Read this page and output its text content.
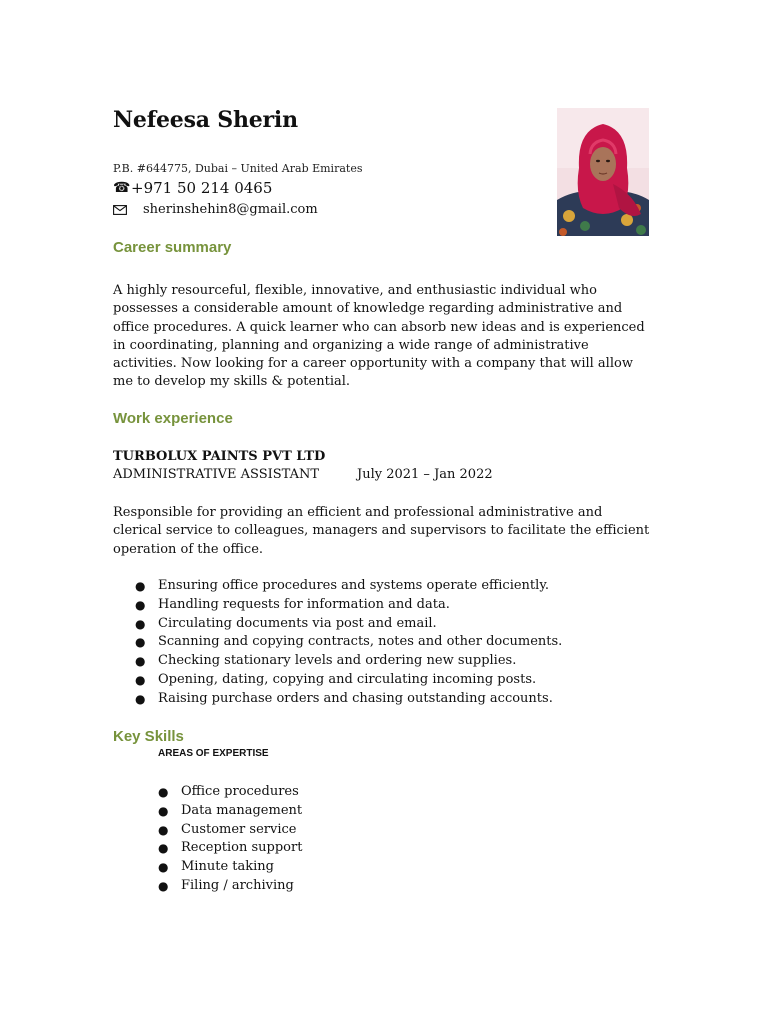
Nefeesa Sherin
P.B. #644775, Dubai – United Arab Emirates
☎ +971 50 214 0465
sherinshehin8@gmail.com
Career summary
A highly resourceful, flexible, innovative, and enthusiastic individual who possesses a considerable amount of knowledge regarding administrative and office procedures. A quick learner who can absorb new ideas and is experienced in coordinating, planning and organizing a wide range of administrative activities. Now looking for a career opportunity with a company that will allow me to develop my skills & potential.
Work experience
TURBOLUX PAINTS PVT LTD
ADMINISTRATIVE ASSISTANT	July 2021 – Jan 2022
Responsible for providing an efficient and professional administrative and clerical service to colleagues, managers and supervisors to facilitate the efficient operation of the office.
● Ensuring office procedures and systems operate efficiently.
● Handling requests for information and data.
● Circulating documents via post and email.
● Scanning and copying contracts, notes and other documents.
● Checking stationary levels and ordering new supplies.
● Opening, dating, copying and circulating incoming posts.
● Raising purchase orders and chasing outstanding accounts.
Key Skills
AREAS OF EXPERTISE
● Office procedures
● Data management
● Customer service
● Reception support
● Minute taking
● Filing / archiving
